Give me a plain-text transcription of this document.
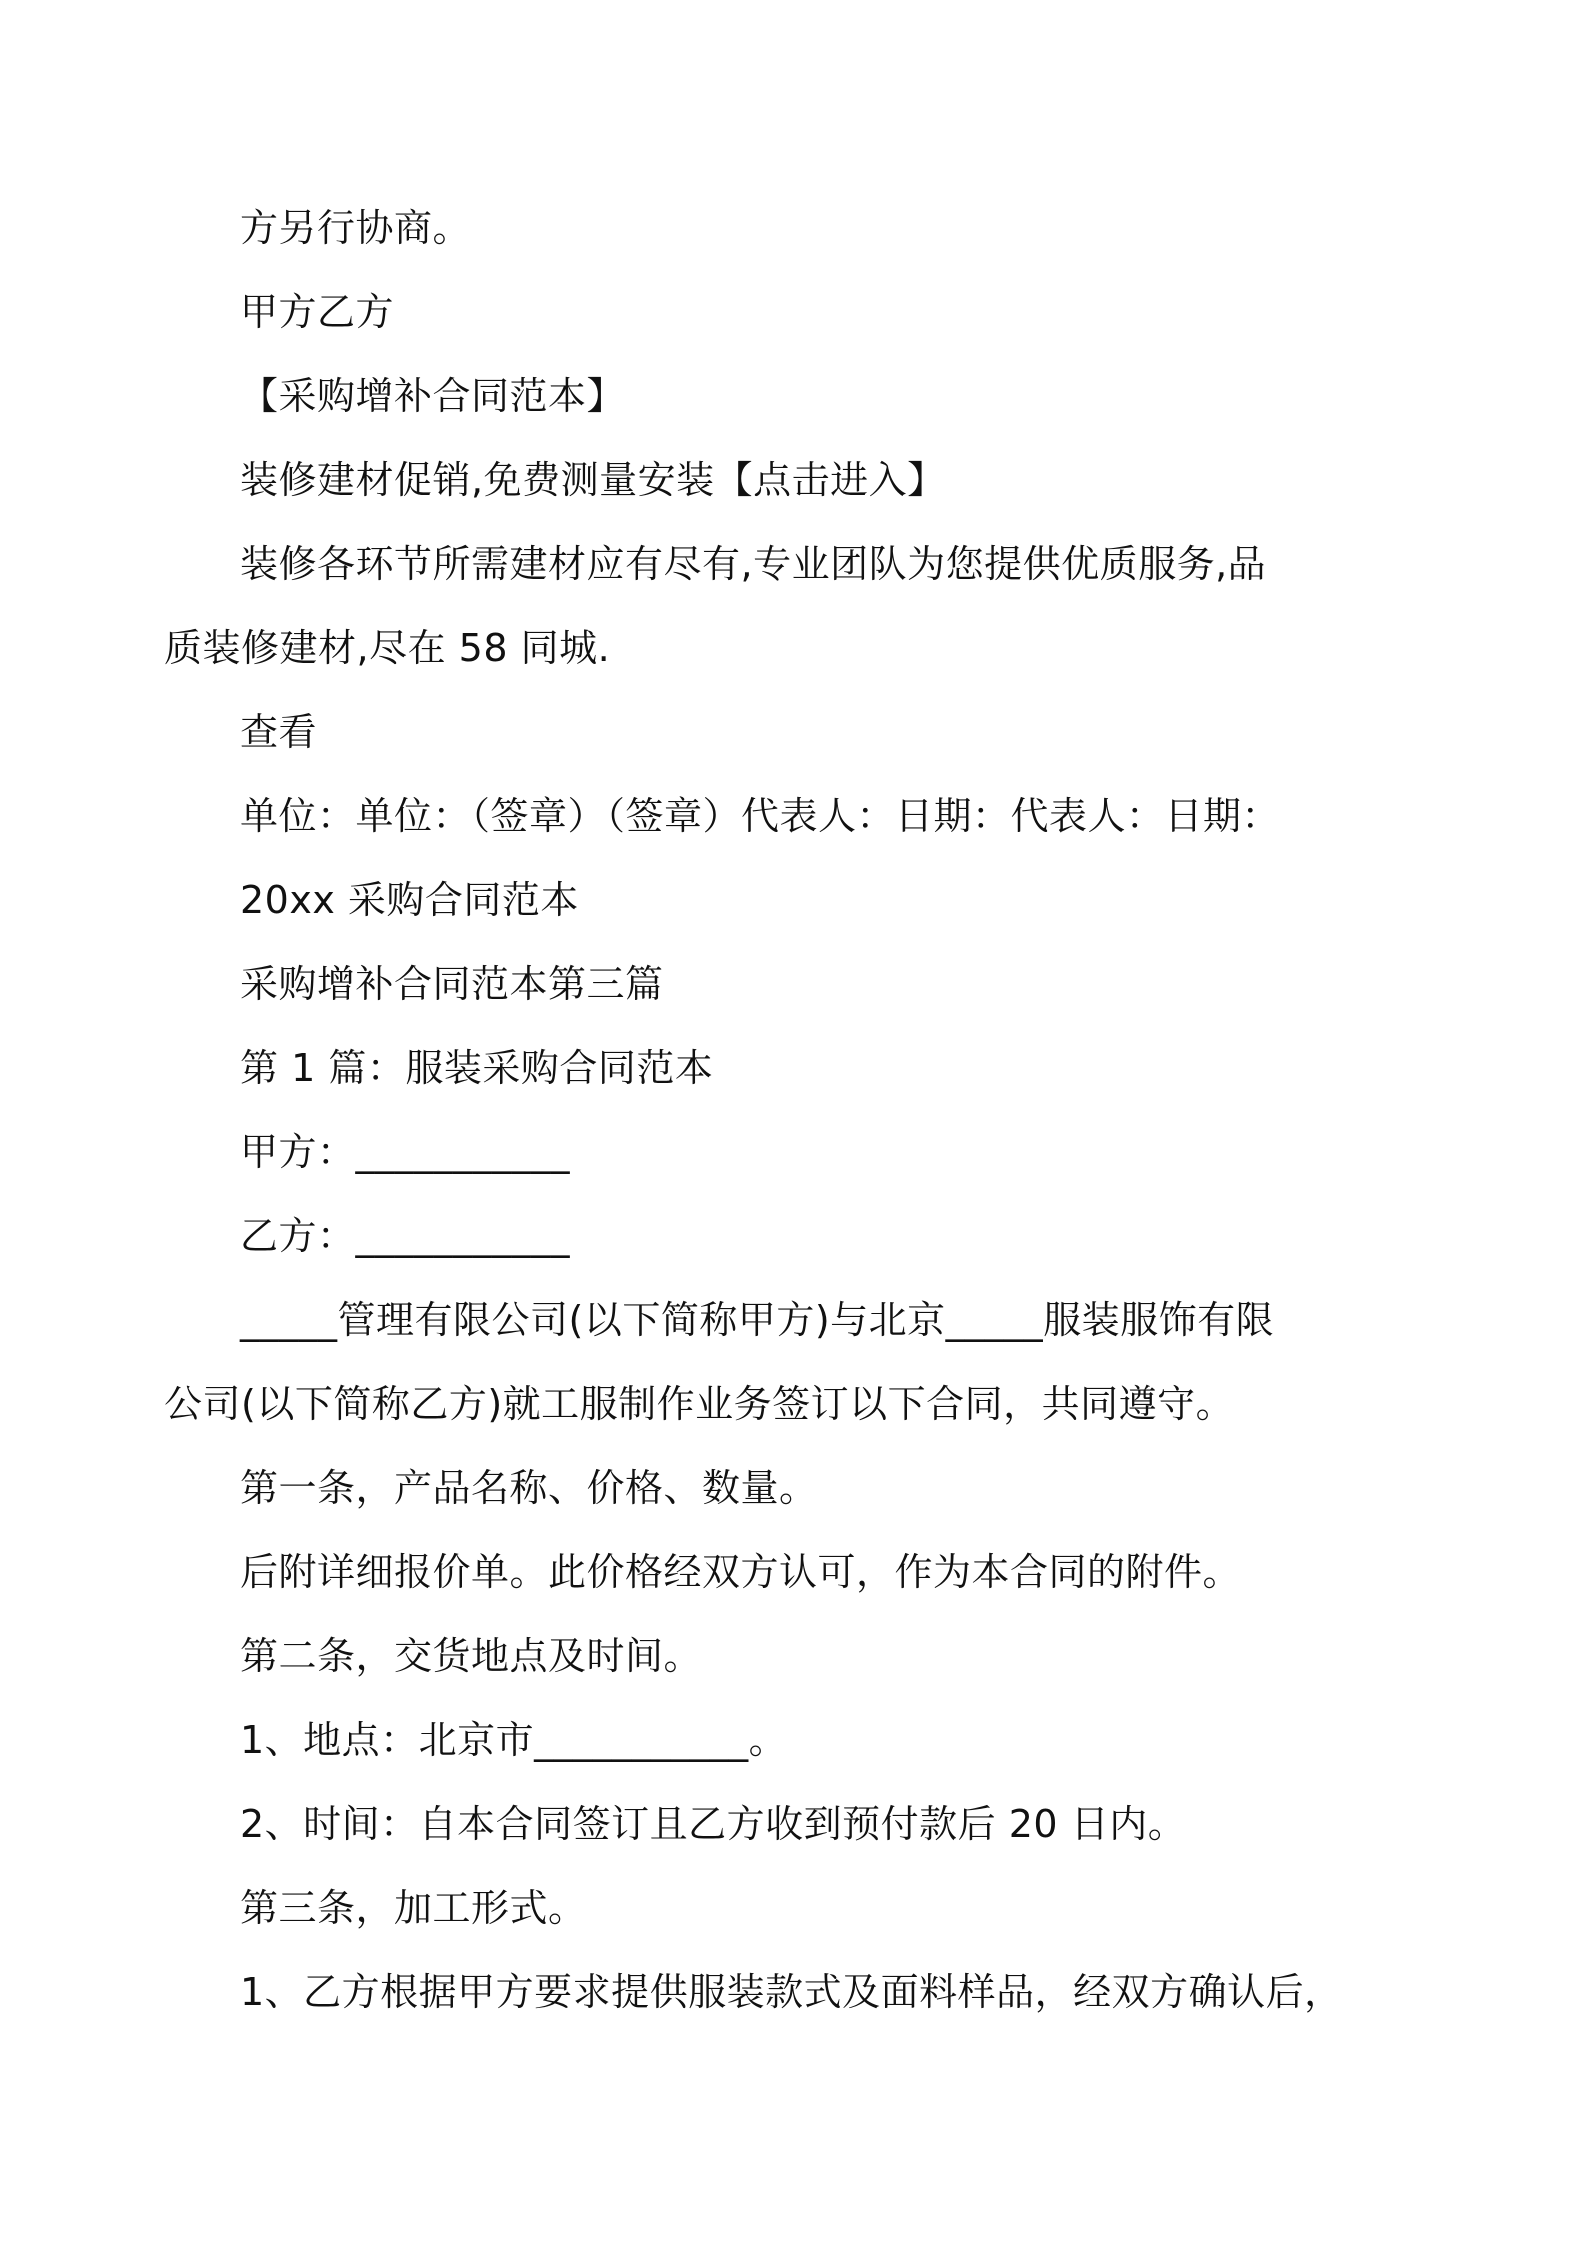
方另行协商。
甲方乙方
【采购增补合同范本】
装修建材促销,免费测量安装【点击进入】
装修各环节所需建材应有尽有,专业团队为您提供优质服务,品质装修建材,尽在 58 同城.
查看
单位：单位：（签章）（签章）代表人：日期：代表人：日期：
20xx 采购合同范本
采购增补合同范本第三篇
第 1 篇：服装采购合同范本
甲方：___________
乙方：___________
_____管理有限公司(以下简称甲方)与北京_____服装服饰有限公司(以下简称乙方)就工服制作业务签订以下合同，共同遵守。
第一条，产品名称、价格、数量。
后附详细报价单。此价格经双方认可，作为本合同的附件。
第二条，交货地点及时间。
1、地点：北京市___________。
2、时间：自本合同签订且乙方收到预付款后 20 日内。
第三条，加工形式。
1、乙方根据甲方要求提供服装款式及面料样品，经双方确认后，
